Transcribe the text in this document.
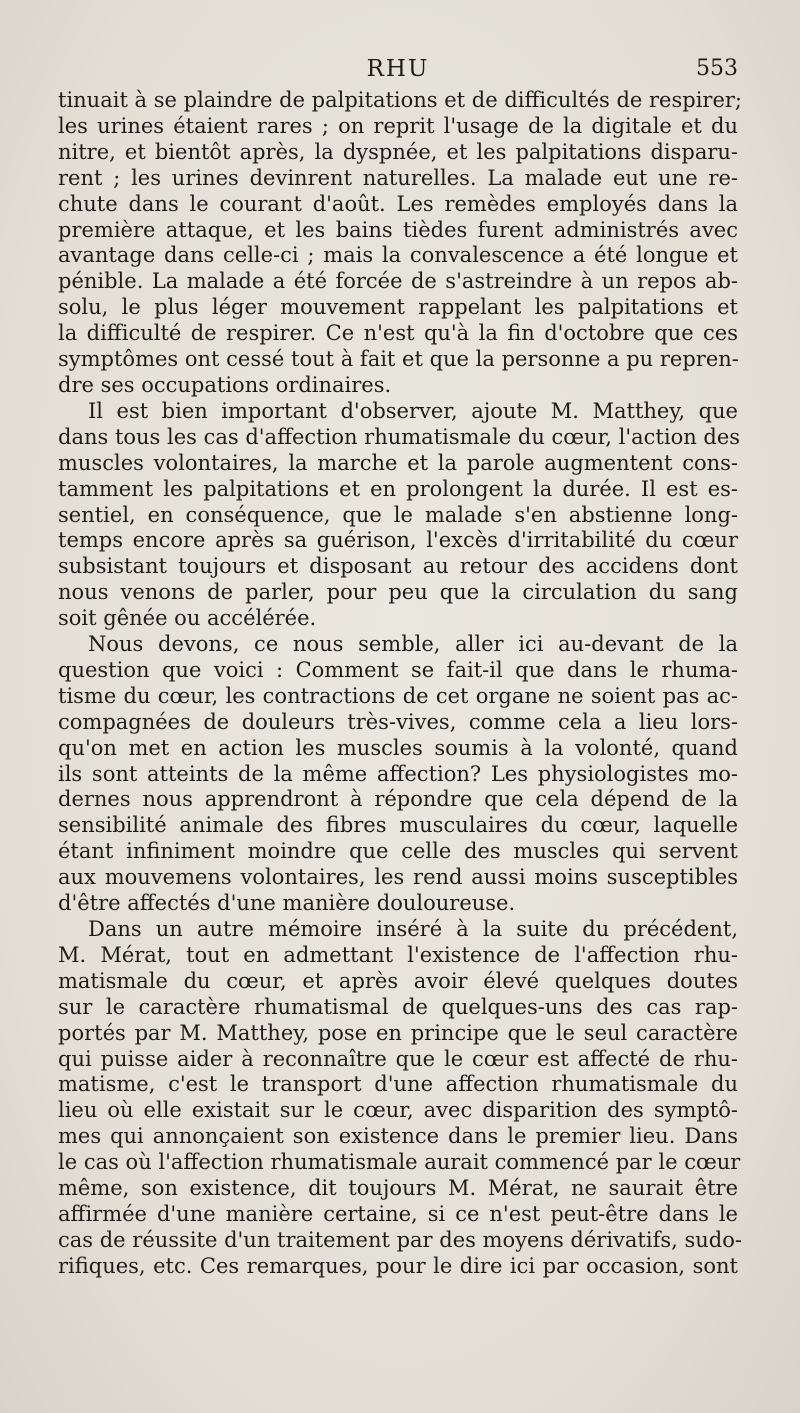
RHU	553
tinuait à se plaindre de palpitations et de difficultés de respirer;
les urines étaient rares ; on reprit l'usage de la digitale et du
nitre, et bientôt après, la dyspnée, et les palpitations disparu-
rent ; les urines devinrent naturelles. La malade eut une re-
chute dans le courant d'août. Les remèdes employés dans la
première attaque, et les bains tièdes furent administrés avec
avantage dans celle-ci ; mais la convalescence a été longue et
pénible. La malade a été forcée de s'astreindre à un repos ab-
solu, le plus léger mouvement rappelant les palpitations et
la difficulté de respirer. Ce n'est qu'à la fin d'octobre que ces
symptômes ont cessé tout à fait et que la personne a pu repren-
dre ses occupations ordinaires.
Il est bien important d'observer, ajoute M. Matthey, que
dans tous les cas d'affection rhumatismale du cœur, l'action des
muscles volontaires, la marche et la parole augmentent cons-
tamment les palpitations et en prolongent la durée. Il est es-
sentiel, en conséquence, que le malade s'en abstienne long-
temps encore après sa guérison, l'excès d'irritabilité du cœur
subsistant toujours et disposant au retour des accidens dont
nous venons de parler, pour peu que la circulation du sang
soit gênée ou accélérée.
Nous devons, ce nous semble, aller ici au-devant de la
question que voici : Comment se fait-il que dans le rhuma-
tisme du cœur, les contractions de cet organe ne soient pas ac-
compagnées de douleurs très-vives, comme cela a lieu lors-
qu'on met en action les muscles soumis à la volonté, quand
ils sont atteints de la même affection? Les physiologistes mo-
dernes nous apprendront à répondre que cela dépend de la
sensibilité animale des fibres musculaires du cœur, laquelle
étant infiniment moindre que celle des muscles qui servent
aux mouvemens volontaires, les rend aussi moins susceptibles
d'être affectés d'une manière douloureuse.
Dans un autre mémoire inséré à la suite du précédent,
M. Mérat, tout en admettant l'existence de l'affection rhu-
matismale du cœur, et après avoir élevé quelques doutes
sur le caractère rhumatismal de quelques-uns des cas rap-
portés par M. Matthey, pose en principe que le seul caractère
qui puisse aider à reconnaître que le cœur est affecté de rhu-
matisme, c'est le transport d'une affection rhumatismale du
lieu où elle existait sur le cœur, avec disparition des symptô-
mes qui annonçaient son existence dans le premier lieu. Dans
le cas où l'affection rhumatismale aurait commencé par le cœur
même, son existence, dit toujours M. Mérat, ne saurait être
affirmée d'une manière certaine, si ce n'est peut-être dans le
cas de réussite d'un traitement par des moyens dérivatifs, sudo-
rifiques, etc. Ces remarques, pour le dire ici par occasion, sont
